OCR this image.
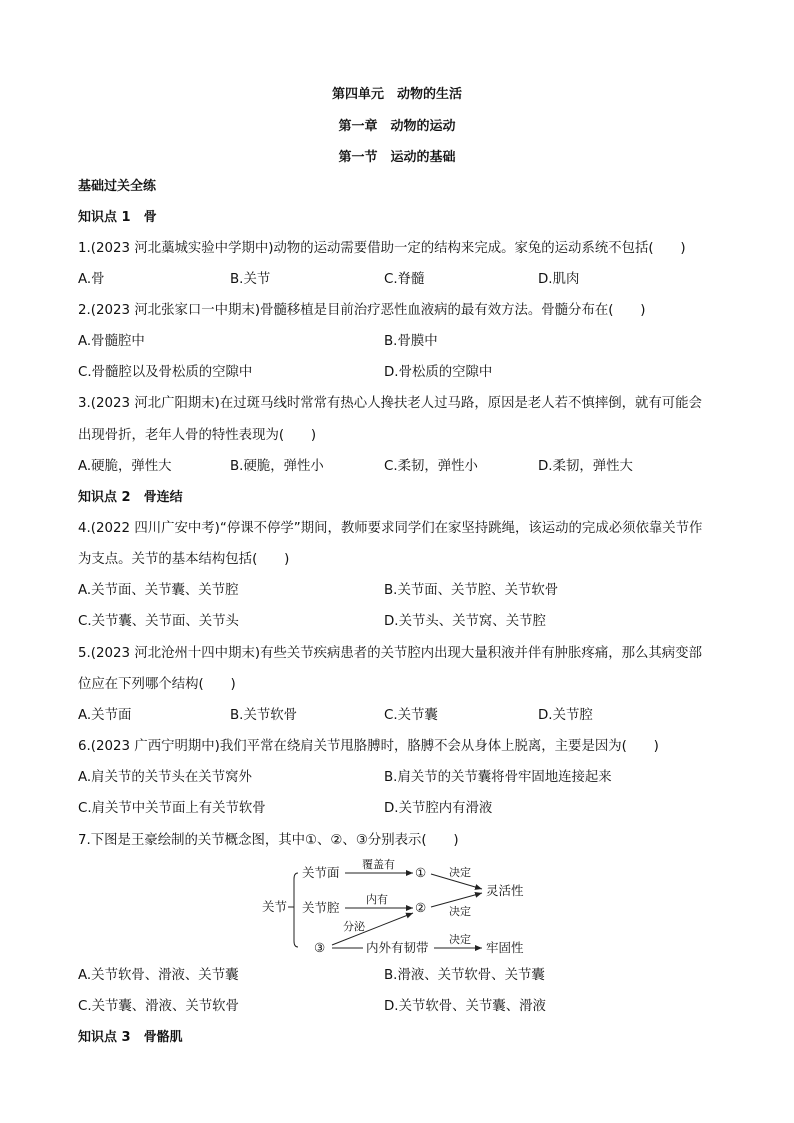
第四单元　动物的生活
第一章　动物的运动
第一节　运动的基础
基础过关全练
知识点 1　骨
1.(2023 河北藁城实验中学期中)动物的运动需要借助一定的结构来完成。家兔的运动系统不包括(　　)
A.骨	B.关节	C.脊髓	D.肌肉
2.(2023 河北张家口一中期末)骨髓移植是目前治疗恶性血液病的最有效方法。骨髓分布在(　　)
A.骨髓腔中	B.骨膜中
C.骨髓腔以及骨松质的空隙中	D.骨松质的空隙中
3.(2023 河北广阳期末)在过斑马线时常常有热心人搀扶老人过马路，原因是老人若不慎摔倒，就有可能会
出现骨折，老年人骨的特性表现为(　　)
A.硬脆，弹性大	B.硬脆，弹性小	C.柔韧，弹性小	D.柔韧，弹性大
知识点 2　骨连结
4.(2022 四川广安中考)“停课不停学”期间，教师要求同学们在家坚持跳绳，该运动的完成必须依靠关节作
为支点。关节的基本结构包括(　　)
A.关节面、关节囊、关节腔	B.关节面、关节腔、关节软骨
C.关节囊、关节面、关节头	D.关节头、关节窝、关节腔
5.(2023 河北沧州十四中期末)有些关节疾病患者的关节腔内出现大量积液并伴有肿胀疼痛，那么其病变部
位应在下列哪个结构(　　)
A.关节面	B.关节软骨	C.关节囊	D.关节腔
6.(2023 广西宁明期中)我们平常在绕肩关节甩胳膊时，胳膊不会从身体上脱离，主要是因为(　　)
A.肩关节的关节头在关节窝外	B.肩关节的关节囊将骨牢固地连接起来
C.肩关节中关节面上有关节软骨	D.关节腔内有滑液
7.下图是王豪绘制的关节概念图，其中①、②、③分别表示(　　)
关节
关节面
关节腔
③
覆盖有
①
内有
②
分泌
决定
决定
灵活性
内外有韧带
决定
牢固性
A.关节软骨、滑液、关节囊	B.滑液、关节软骨、关节囊
C.关节囊、滑液、关节软骨	D.关节软骨、关节囊、滑液
知识点 3　骨骼肌
